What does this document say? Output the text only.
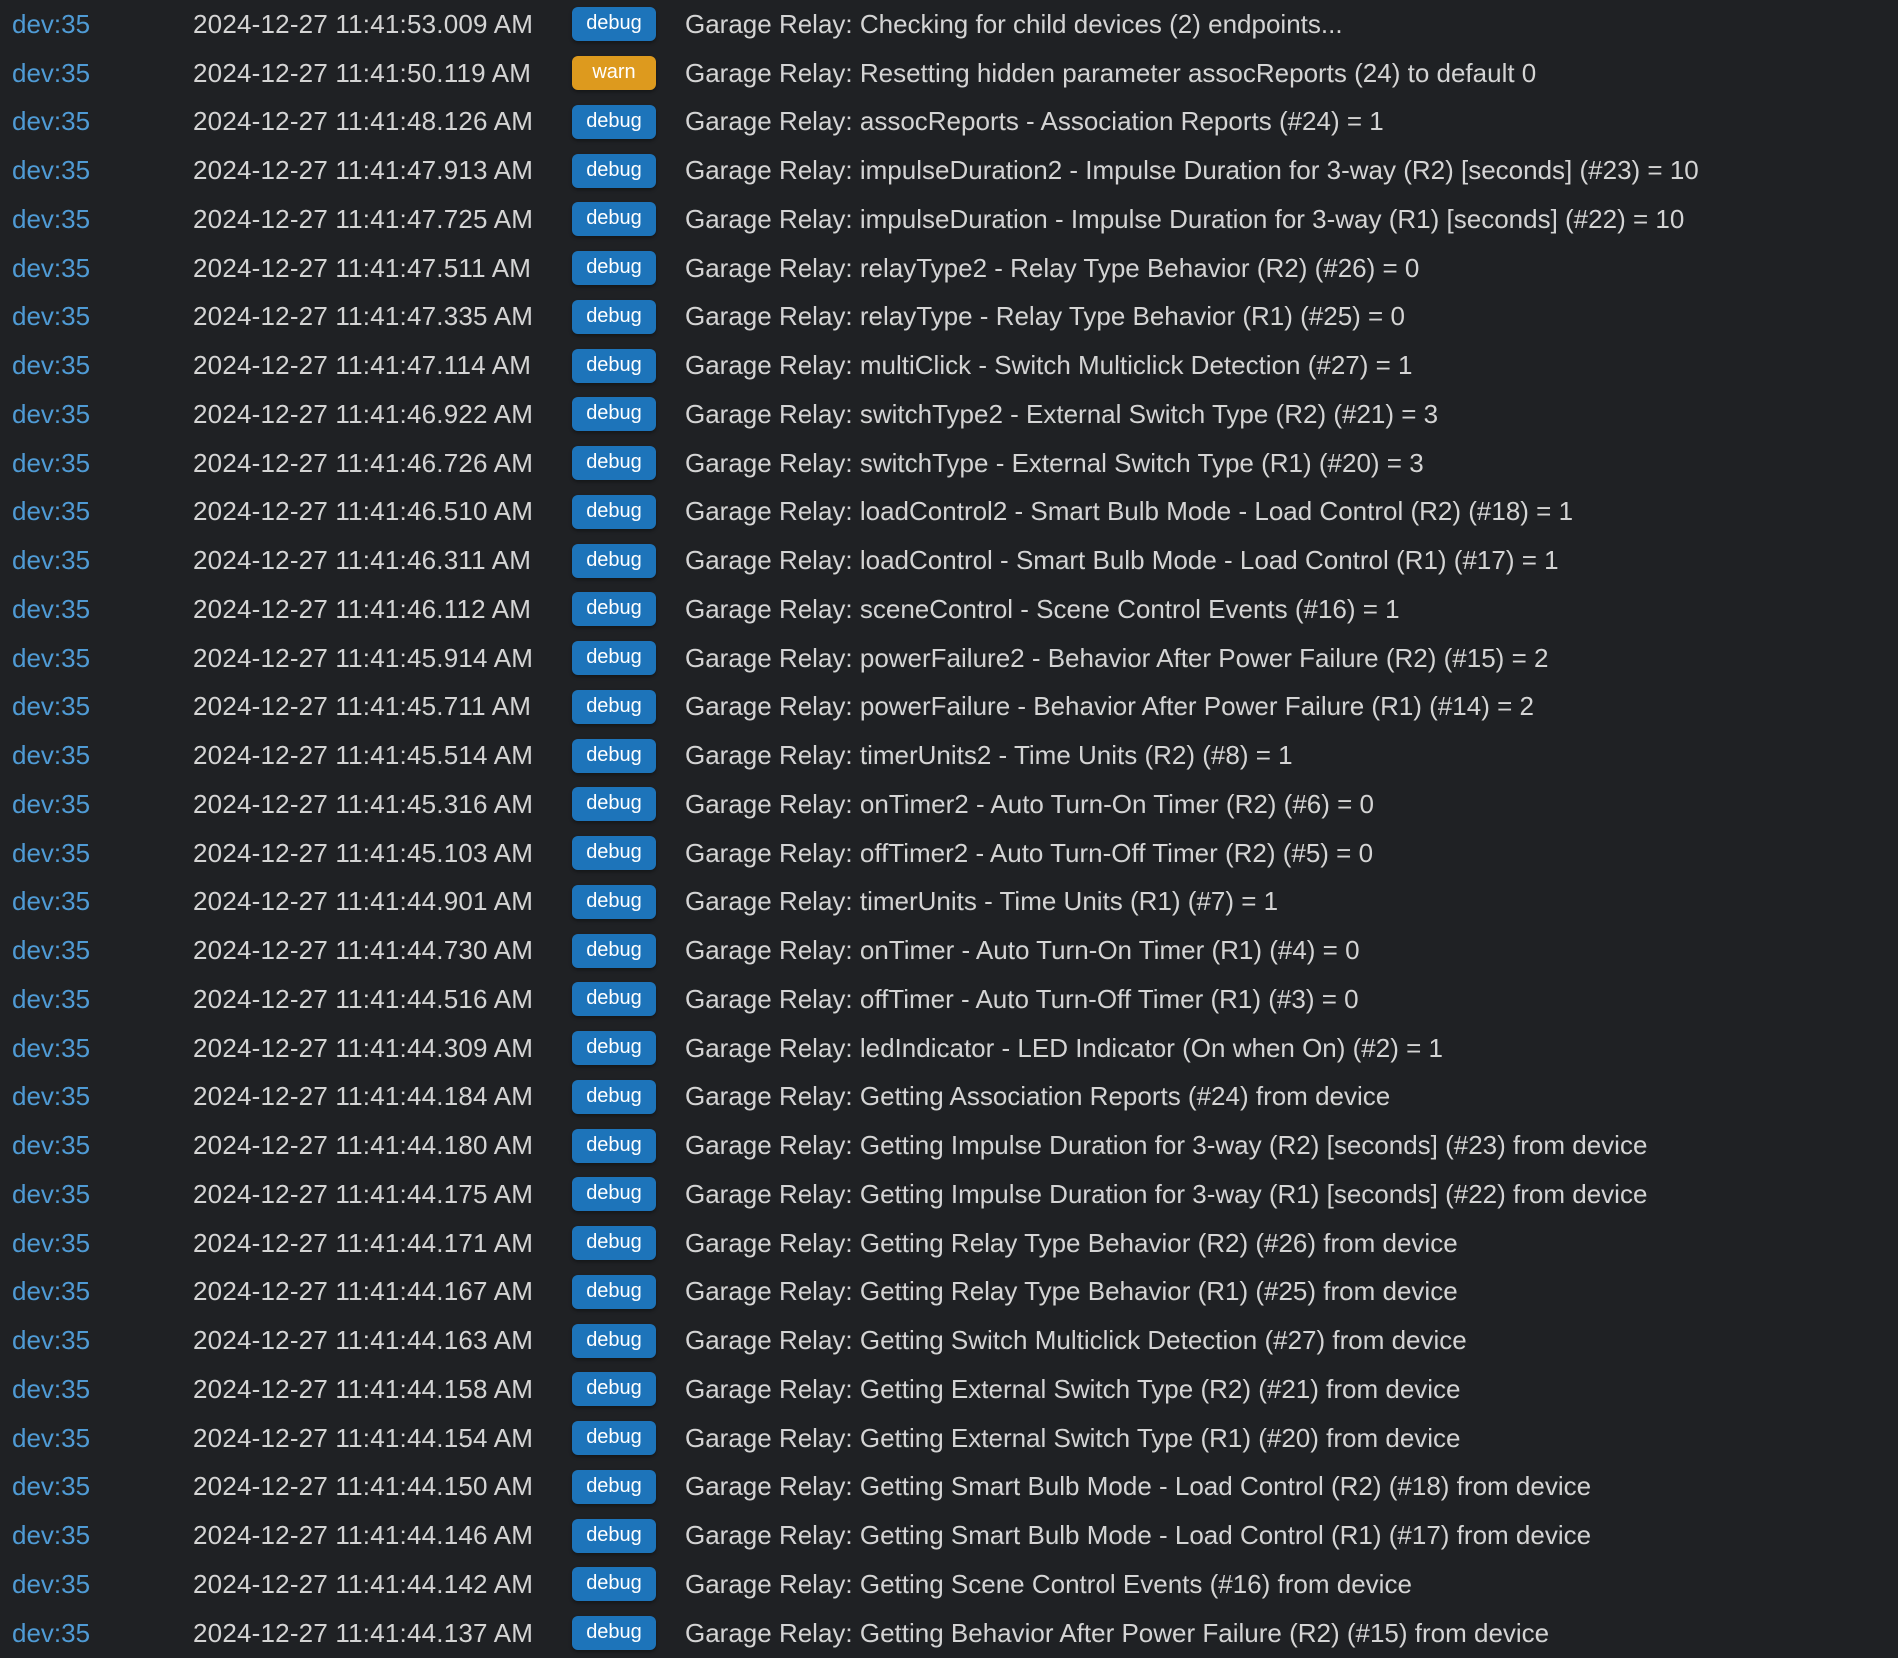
dev:35	2024-12-27 11:41:53.009 AM	debug	Garage Relay: Checking for child devices (2) endpoints...
dev:35	2024-12-27 11:41:50.119 AM	warn	Garage Relay: Resetting hidden parameter assocReports (24) to default 0
dev:35	2024-12-27 11:41:48.126 AM	debug	Garage Relay: assocReports - Association Reports (#24) = 1
dev:35	2024-12-27 11:41:47.913 AM	debug	Garage Relay: impulseDuration2 - Impulse Duration for 3-way (R2) [seconds] (#23) = 10
dev:35	2024-12-27 11:41:47.725 AM	debug	Garage Relay: impulseDuration - Impulse Duration for 3-way (R1) [seconds] (#22) = 10
dev:35	2024-12-27 11:41:47.511 AM	debug	Garage Relay: relayType2 - Relay Type Behavior (R2) (#26) = 0
dev:35	2024-12-27 11:41:47.335 AM	debug	Garage Relay: relayType - Relay Type Behavior (R1) (#25) = 0
dev:35	2024-12-27 11:41:47.114 AM	debug	Garage Relay: multiClick - Switch Multiclick Detection (#27) = 1
dev:35	2024-12-27 11:41:46.922 AM	debug	Garage Relay: switchType2 - External Switch Type (R2) (#21) = 3
dev:35	2024-12-27 11:41:46.726 AM	debug	Garage Relay: switchType - External Switch Type (R1) (#20) = 3
dev:35	2024-12-27 11:41:46.510 AM	debug	Garage Relay: loadControl2 - Smart Bulb Mode - Load Control (R2) (#18) = 1
dev:35	2024-12-27 11:41:46.311 AM	debug	Garage Relay: loadControl - Smart Bulb Mode - Load Control (R1) (#17) = 1
dev:35	2024-12-27 11:41:46.112 AM	debug	Garage Relay: sceneControl - Scene Control Events (#16) = 1
dev:35	2024-12-27 11:41:45.914 AM	debug	Garage Relay: powerFailure2 - Behavior After Power Failure (R2) (#15) = 2
dev:35	2024-12-27 11:41:45.711 AM	debug	Garage Relay: powerFailure - Behavior After Power Failure (R1) (#14) = 2
dev:35	2024-12-27 11:41:45.514 AM	debug	Garage Relay: timerUnits2 - Time Units (R2) (#8) = 1
dev:35	2024-12-27 11:41:45.316 AM	debug	Garage Relay: onTimer2 - Auto Turn-On Timer (R2) (#6) = 0
dev:35	2024-12-27 11:41:45.103 AM	debug	Garage Relay: offTimer2 - Auto Turn-Off Timer (R2) (#5) = 0
dev:35	2024-12-27 11:41:44.901 AM	debug	Garage Relay: timerUnits - Time Units (R1) (#7) = 1
dev:35	2024-12-27 11:41:44.730 AM	debug	Garage Relay: onTimer - Auto Turn-On Timer (R1) (#4) = 0
dev:35	2024-12-27 11:41:44.516 AM	debug	Garage Relay: offTimer - Auto Turn-Off Timer (R1) (#3) = 0
dev:35	2024-12-27 11:41:44.309 AM	debug	Garage Relay: ledIndicator - LED Indicator (On when On) (#2) = 1
dev:35	2024-12-27 11:41:44.184 AM	debug	Garage Relay: Getting Association Reports (#24) from device
dev:35	2024-12-27 11:41:44.180 AM	debug	Garage Relay: Getting Impulse Duration for 3-way (R2) [seconds] (#23) from device
dev:35	2024-12-27 11:41:44.175 AM	debug	Garage Relay: Getting Impulse Duration for 3-way (R1) [seconds] (#22) from device
dev:35	2024-12-27 11:41:44.171 AM	debug	Garage Relay: Getting Relay Type Behavior (R2) (#26) from device
dev:35	2024-12-27 11:41:44.167 AM	debug	Garage Relay: Getting Relay Type Behavior (R1) (#25) from device
dev:35	2024-12-27 11:41:44.163 AM	debug	Garage Relay: Getting Switch Multiclick Detection (#27) from device
dev:35	2024-12-27 11:41:44.158 AM	debug	Garage Relay: Getting External Switch Type (R2) (#21) from device
dev:35	2024-12-27 11:41:44.154 AM	debug	Garage Relay: Getting External Switch Type (R1) (#20) from device
dev:35	2024-12-27 11:41:44.150 AM	debug	Garage Relay: Getting Smart Bulb Mode - Load Control (R2) (#18) from device
dev:35	2024-12-27 11:41:44.146 AM	debug	Garage Relay: Getting Smart Bulb Mode - Load Control (R1) (#17) from device
dev:35	2024-12-27 11:41:44.142 AM	debug	Garage Relay: Getting Scene Control Events (#16) from device
dev:35	2024-12-27 11:41:44.137 AM	debug	Garage Relay: Getting Behavior After Power Failure (R2) (#15) from device
